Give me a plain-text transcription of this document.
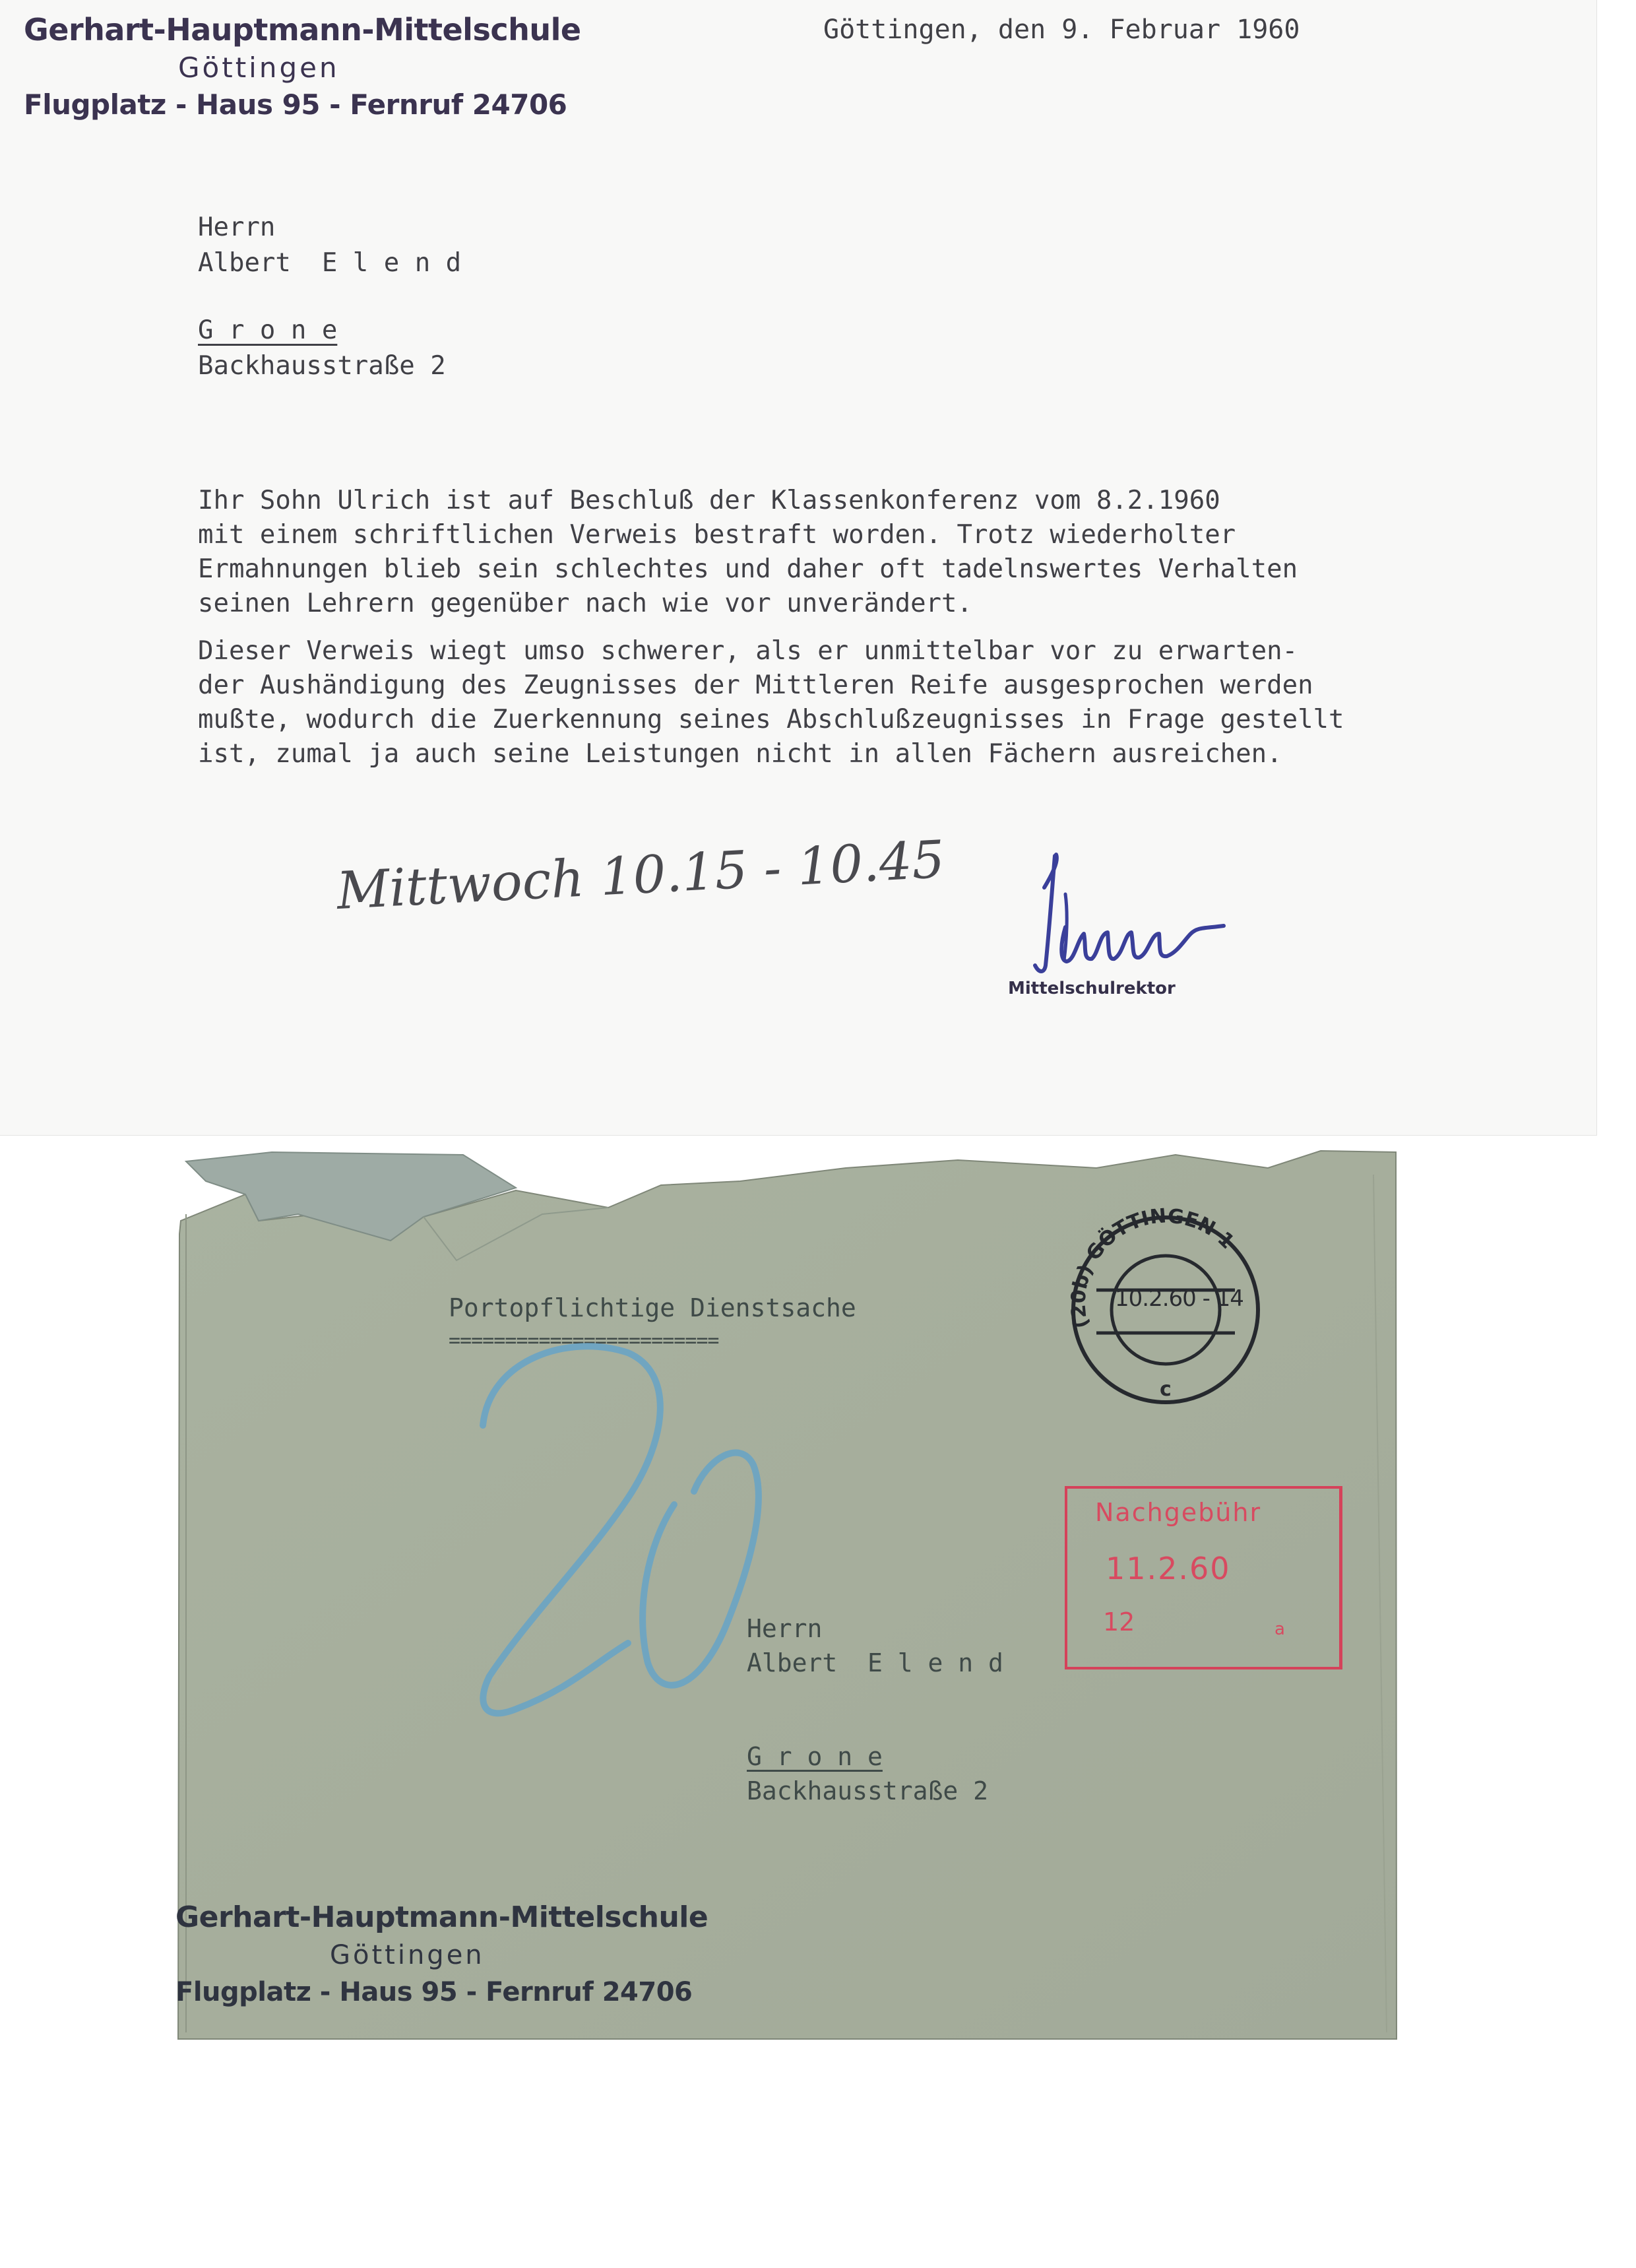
Gerhart-Hauptmann-Mittelschule
Göttingen
Flugplatz - Haus 95 - Fernruf 24706
Göttingen, den 9. Februar 1960
Herrn
Albert  E l e n d
G r o n e
Backhausstraße 2
Ihr Sohn Ulrich ist auf Beschluß der Klassenkonferenz vom 8.2.1960
mit einem schriftlichen Verweis bestraft worden. Trotz wiederholter
Ermahnungen blieb sein schlechtes und daher oft tadelnswertes Verhalten
seinen Lehrern gegenüber nach wie vor unverändert.
Dieser Verweis wiegt umso schwerer, als er unmittelbar vor zu erwarten-
der Aushändigung des Zeugnisses der Mittleren Reife ausgesprochen werden
mußte, wodurch die Zuerkennung seines Abschlußzeugnisses in Frage gestellt
ist, zumal ja auch seine Leistungen nicht in allen Fächern ausreichen.
Mittwoch 10.15 - 10.45
Mittelschulrektor
Portopflichtige Dienstsache
========================
(20b) GÖTTINGEN 1
10.2.60 - 14
c
Nachgebühr
11.2.60
12	a
Herrn
Albert  E l e n d
G r o n e
Backhausstraße 2
Gerhart-Hauptmann-Mittelschule
Göttingen
Flugplatz - Haus 95 - Fernruf 24706
